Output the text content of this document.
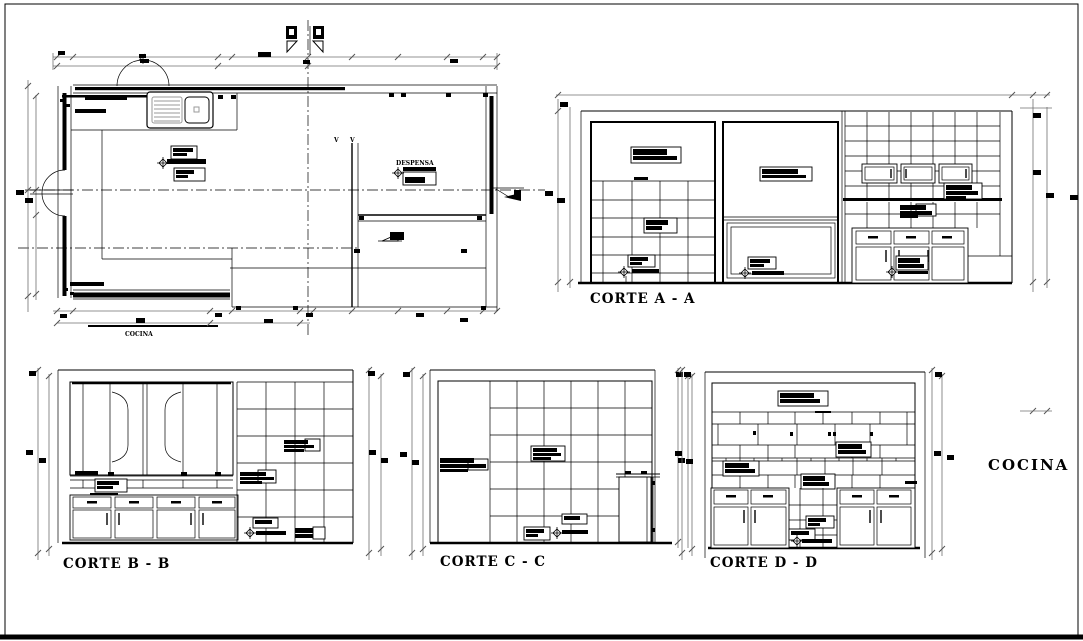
COCINA
DESPENSA
V V
CORTE A - A
CORTE B - B	CORTE C - C	CORTE D - D
COCINA
